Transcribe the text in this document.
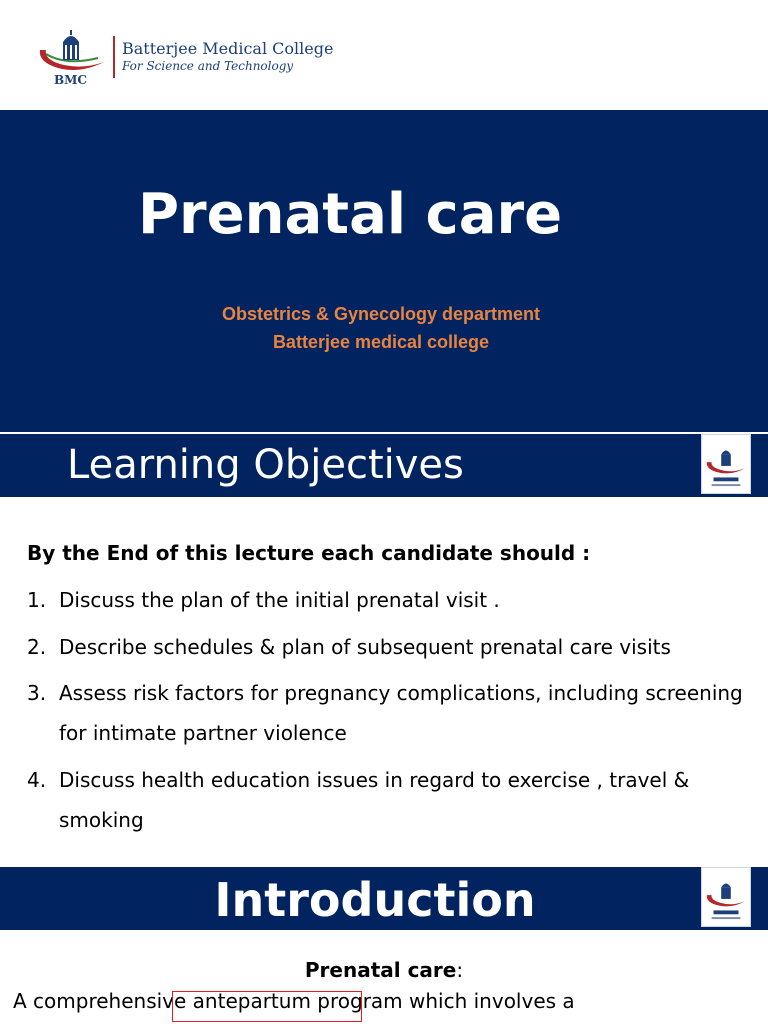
BMC
Batterjee Medical College
For Science and Technology
Prenatal care
Obstetrics & Gynecology department
Batterjee medical college
Learning Objectives
By the End of this lecture each candidate should :
1. Discuss the plan of the initial prenatal visit .
2. Describe schedules & plan of subsequent prenatal care visits
3. Assess risk factors for pregnancy complications, including screening for intimate partner violence
4. Discuss health education issues in regard to exercise , travel & smoking
Introduction
Prenatal care:
A comprehensive antepartum program which involves a
